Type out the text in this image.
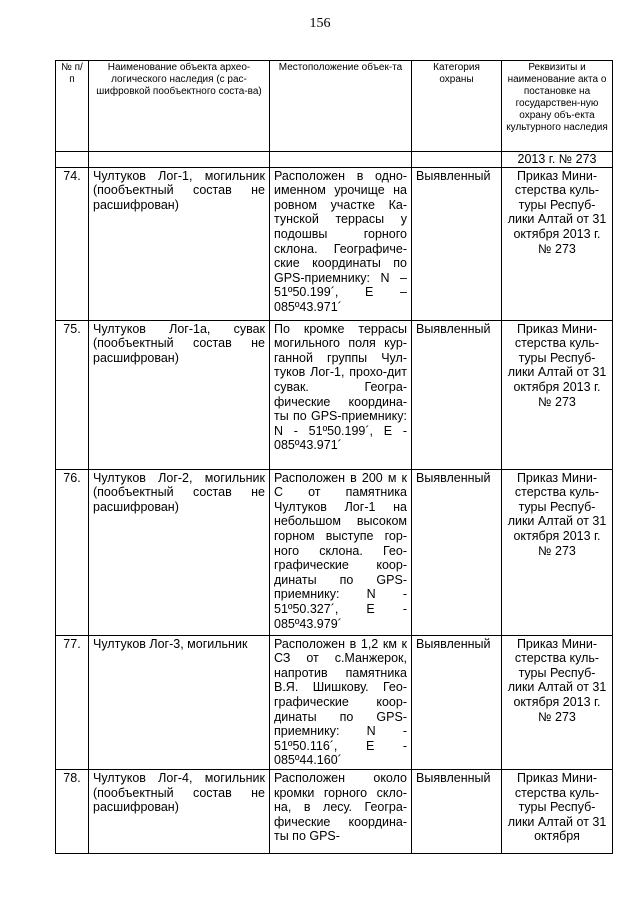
156
№ п/п	Наименование объекта архео-логического наследия (с рас-шифровкой пообъектного соста-ва)	Местоположение объек-та	Категория охраны	Реквизиты и наименование акта о постановке на государствен-ную охрану объ-екта культурного наследия
				2013 г. № 273
74.	Чултуков Лог-1, могильник (пообъектный состав не расшифрован)	Расположен в одно-именном урочище на ровном участке Ка-тунской террасы у подошвы горного склона. Географиче-ские координаты по GPS-приемнику: N – 51º50.199´, E – 085º43.971´	Выявленный	Приказ Мини-стерства куль-туры Респуб-лики Алтай от 31 октября 2013 г. № 273
75.	Чултуков Лог-1а, сувак (пообъектный состав не расшифрован)	По кромке террасы могильного поля кур-ганной группы Чул-туков Лог-1, прохо-дит сувак. Геогра-фические координа-ты по GPS-приемнику: N - 51º50.199´, E - 085º43.971´	Выявленный	Приказ Мини-стерства куль-туры Респуб-лики Алтай от 31 октября 2013 г. № 273
76.	Чултуков Лог-2, могильник (пообъектный состав не расшифрован)	Расположен в 200 м к С от памятника Чултуков Лог-1 на небольшом высоком горном выступе гор-ного склона. Гео-графические коор-динаты по GPS-приемнику: N - 51º50.327´, E - 085º43.979´	Выявленный	Приказ Мини-стерства куль-туры Респуб-лики Алтай от 31 октября 2013 г. № 273
77.	Чултуков Лог-3, могильник	Расположен в 1,2 км к СЗ от с.Манжерок, напротив памятника В.Я. Шишкову. Гео-графические коор-динаты по GPS-приемнику: N - 51º50.116´, E - 085º44.160´	Выявленный	Приказ Мини-стерства куль-туры Респуб-лики Алтай от 31 октября 2013 г. № 273
78.	Чултуков Лог-4, могильник (пообъектный состав не расшифрован)	Расположен около кромки горного скло-на, в лесу. Геогра-фические координа-ты по GPS-	Выявленный	Приказ Мини-стерства куль-туры Респуб-лики Алтай от 31 октября
